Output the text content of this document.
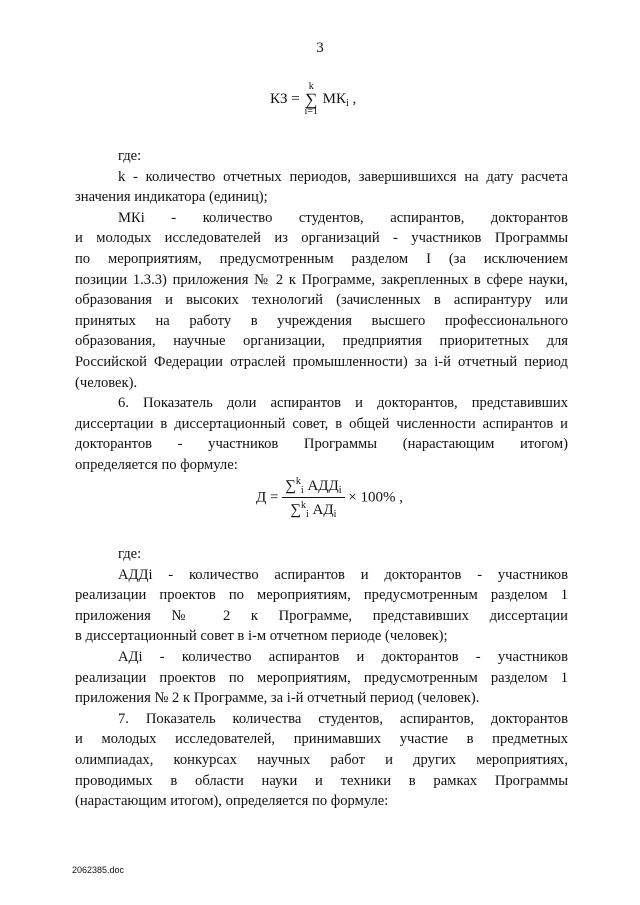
3
КЗ =
k
∑
i=1
$МК_i$ ,
где:
k - количество отчетных периодов, завершившихся на дату расчета
значения индикатора (единиц);
МКi - количество студентов, аспирантов, докторантов
и молодых исследователей из организаций - участников Программы
по мероприятиям, предусмотренным разделом I (за исключением
позиции 1.3.3) приложения № 2 к Программе, закрепленных в сфере науки,
образования и высоких технологий (зачисленных в аспирантуру или
принятых на работу в учреждения высшего профессионального
образования, научные организации, предприятия приоритетных для
Российской Федерации отраслей промышленности) за i-й отчетный период
(человек).
6. Показатель доли аспирантов и докторантов, представивших
диссертации в диссертационный совет, в общей численности аспирантов и
докторантов - участников Программы (нарастающим итогом)
определяется по формуле:
$Д = \frac{\sum^k_i АДД_i}{\sum^k_i АД_i} \times 100\%$ ,
где:
АДДi - количество аспирантов и докторантов - участников
реализации проектов по мероприятиям, предусмотренным разделом 1
приложения № 2 к Программе, представивших диссертации
в диссертационный совет в i-м отчетном периоде (человек);
АДi - количество аспирантов и докторантов - участников
реализации проектов по мероприятиям, предусмотренным разделом 1
приложения № 2 к Программе, за i-й отчетный период (человек).
7. Показатель количества студентов, аспирантов, докторантов
и молодых исследователей, принимавших участие в предметных
олимпиадах, конкурсах научных работ и других мероприятиях,
проводимых в области науки и техники в рамках Программы
(нарастающим итогом), определяется по формуле:
2062385.doc
